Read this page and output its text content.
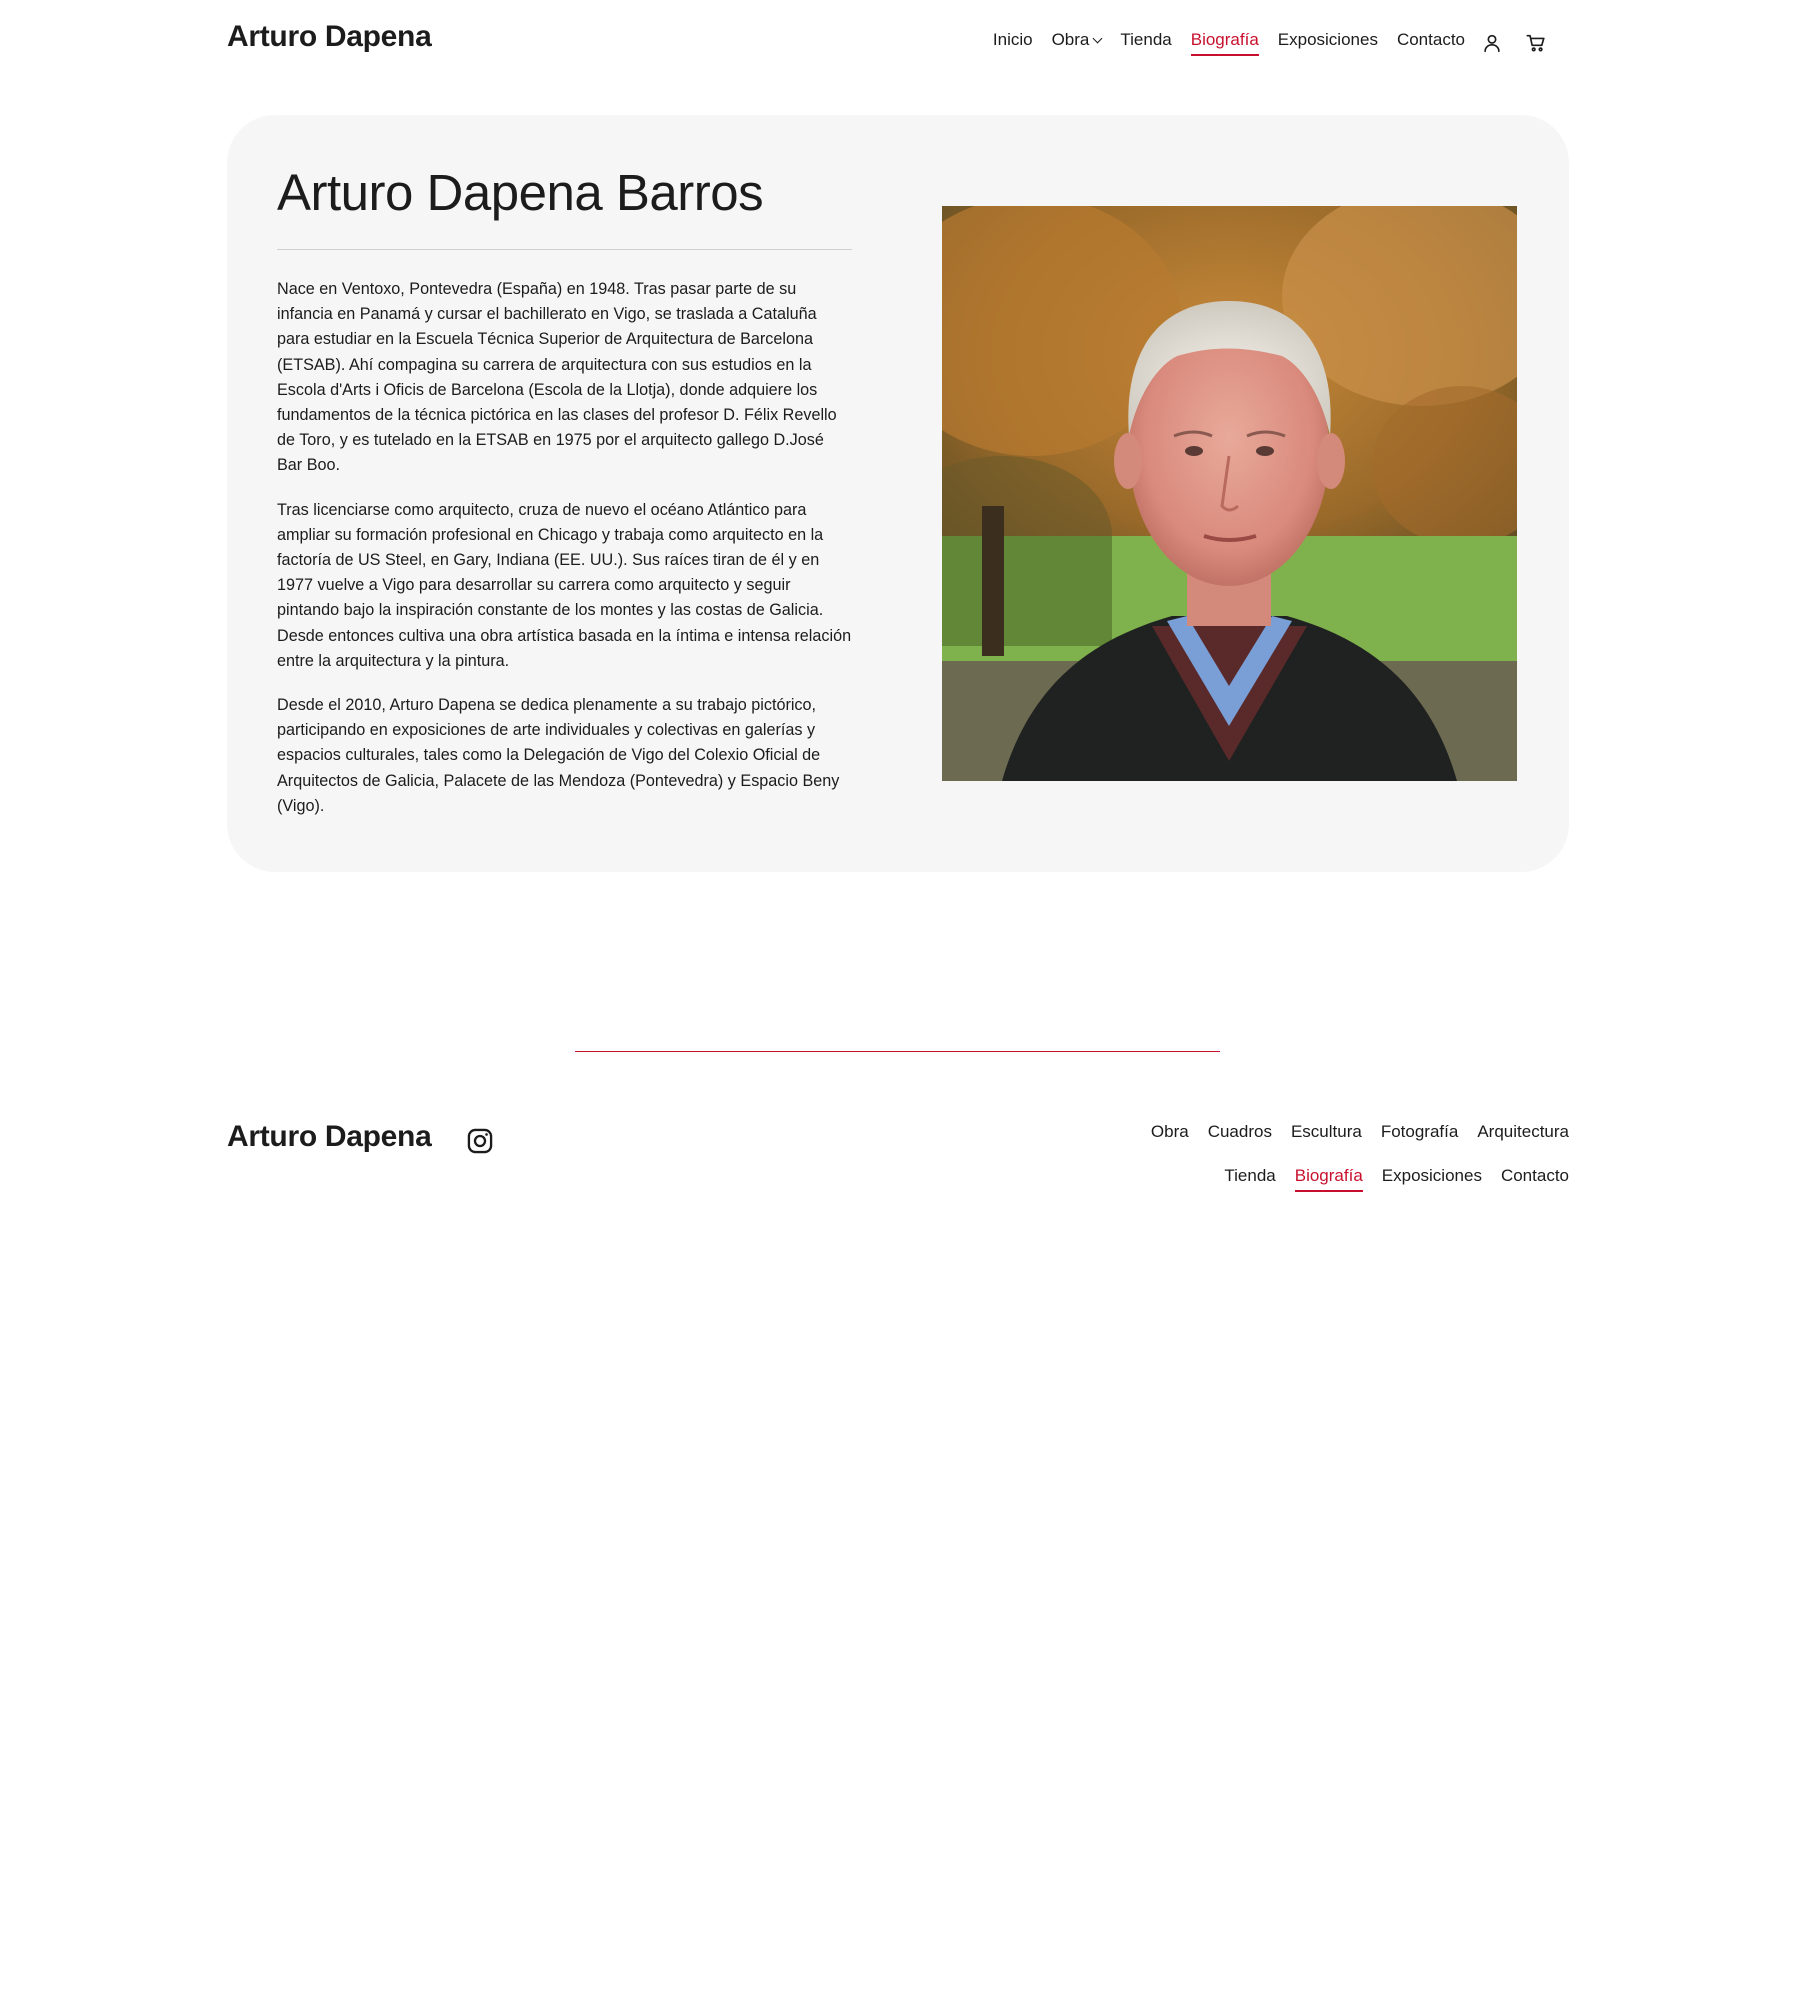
Arturo Dapena	Inicio Obra Tienda Biografía Exposiciones Contacto
Arturo Dapena Barros

Nace en Ventoxo, Pontevedra (España) en 1948. Tras pasar parte de su infancia en Panamá y cursar el bachillerato en Vigo, se traslada a Cataluña para estudiar en la Escuela Técnica Superior de Arquitectura de Barcelona (ETSAB). Ahí compagina su carrera de arquitectura con sus estudios en la Escola d'Arts i Oficis de Barcelona (Escola de la Llotja), donde adquiere los fundamentos de la técnica pictórica en las clases del profesor D. Félix Revello de Toro, y es tutelado en la ETSAB en 1975 por el arquitecto gallego D.José Bar Boo.

Tras licenciarse como arquitecto, cruza de nuevo el océano Atlántico para ampliar su formación profesional en Chicago y trabaja como arquitecto en la factoría de US Steel, en Gary, Indiana (EE. UU.). Sus raíces tiran de él y en 1977 vuelve a Vigo para desarrollar su carrera como arquitecto y seguir pintando bajo la inspiración constante de los montes y las costas de Galicia. Desde entonces cultiva una obra artística basada en la íntima e intensa relación entre la arquitectura y la pintura.

Desde el 2010, Arturo Dapena se dedica plenamente a su trabajo pictórico, participando en exposiciones de arte individuales y colectivas en galerías y espacios culturales, tales como la Delegación de Vigo del Colexio Oficial de Arquitectos de Galicia, Palacete de las Mendoza (Pontevedra) y Espacio Beny (Vigo).

Arturo Dapena	Obra Cuadros Escultura Fotografía Arquitectura
Tienda Biografía Exposiciones Contacto
